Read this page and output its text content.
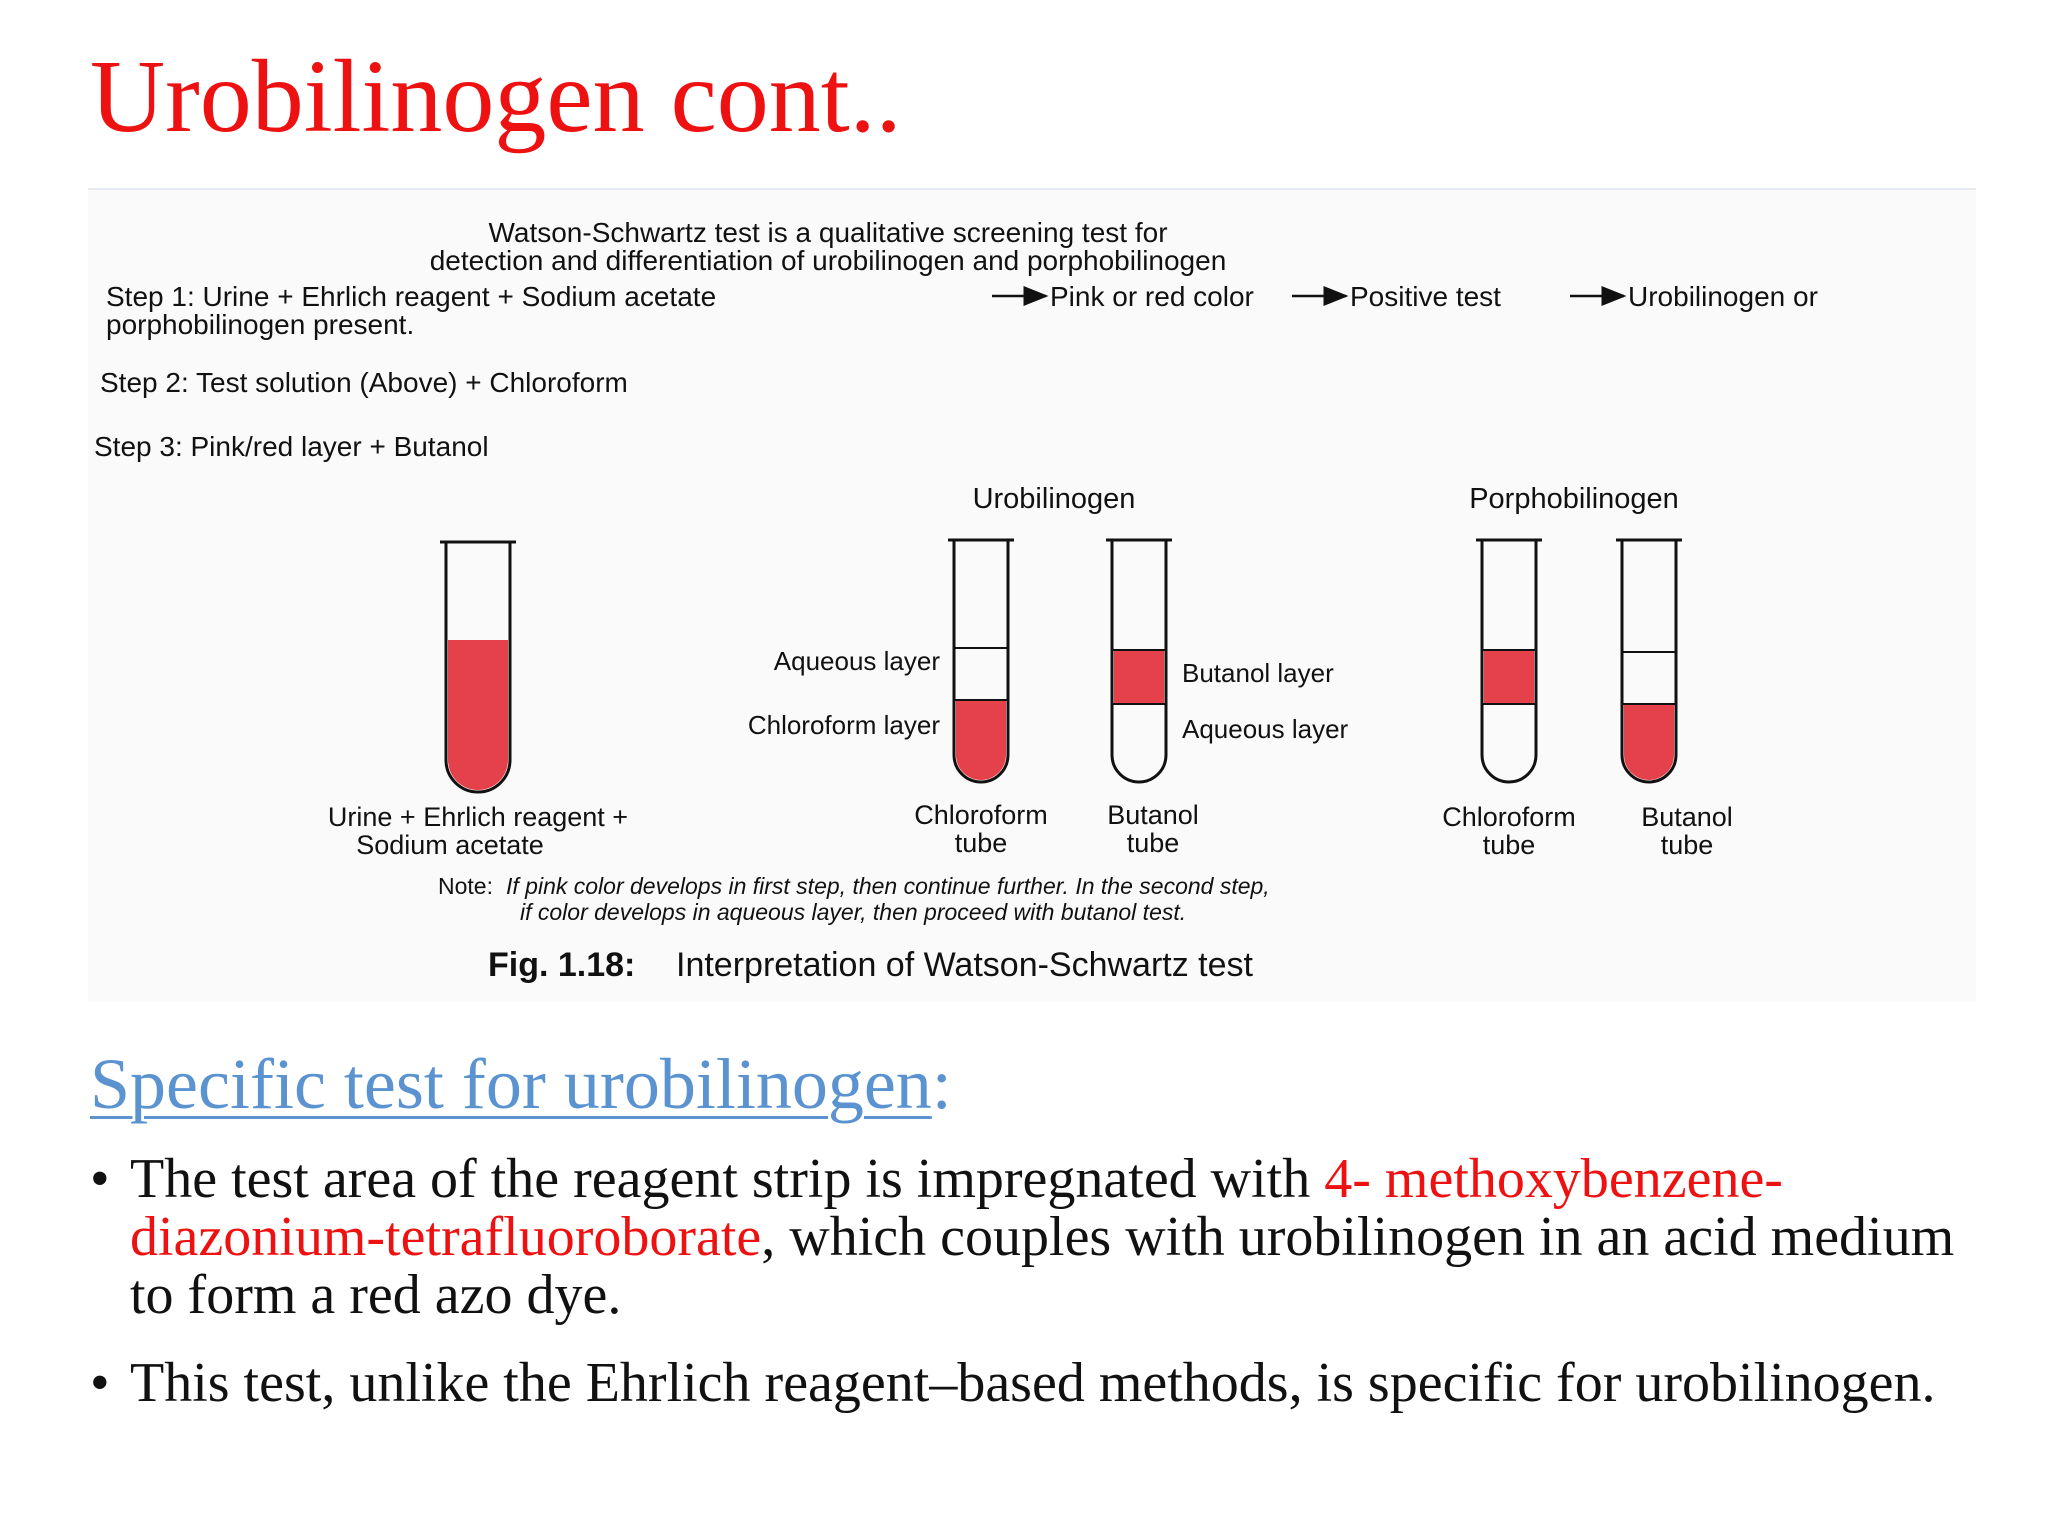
Urobilinogen cont..
Watson-Schwartz test is a qualitative screening test for
detection and differentiation of urobilinogen and porphobilinogen
Step 1: Urine + Ehrlich reagent + Sodium acetate	Pink or red color	Positive test	Urobilinogen or
porphobilinogen present.
Step 2: Test solution (Above) + Chloroform
Step 3: Pink/red layer + Butanol
Urobilinogen	Porphobilinogen
Aqueous layer
Chloroform layer
Butanol layer
Aqueous layer
Urine + Ehrlich reagent +
Sodium acetate
Chloroform
tube
Butanol
tube
Chloroform
tube
Butanol
tube
Note: If pink color develops in first step, then continue further. In the second step,
if color develops in aqueous layer, then proceed with butanol test.
Fig. 1.18: Interpretation of Watson-Schwartz test
Specific test for urobilinogen:
• The test area of the reagent strip is impregnated with 4- methoxybenzene-diazonium-tetrafluoroborate, which couples with urobilinogen in an acid medium to form a red azo dye.
• This test, unlike the Ehrlich reagent–based methods, is specific for urobilinogen.
